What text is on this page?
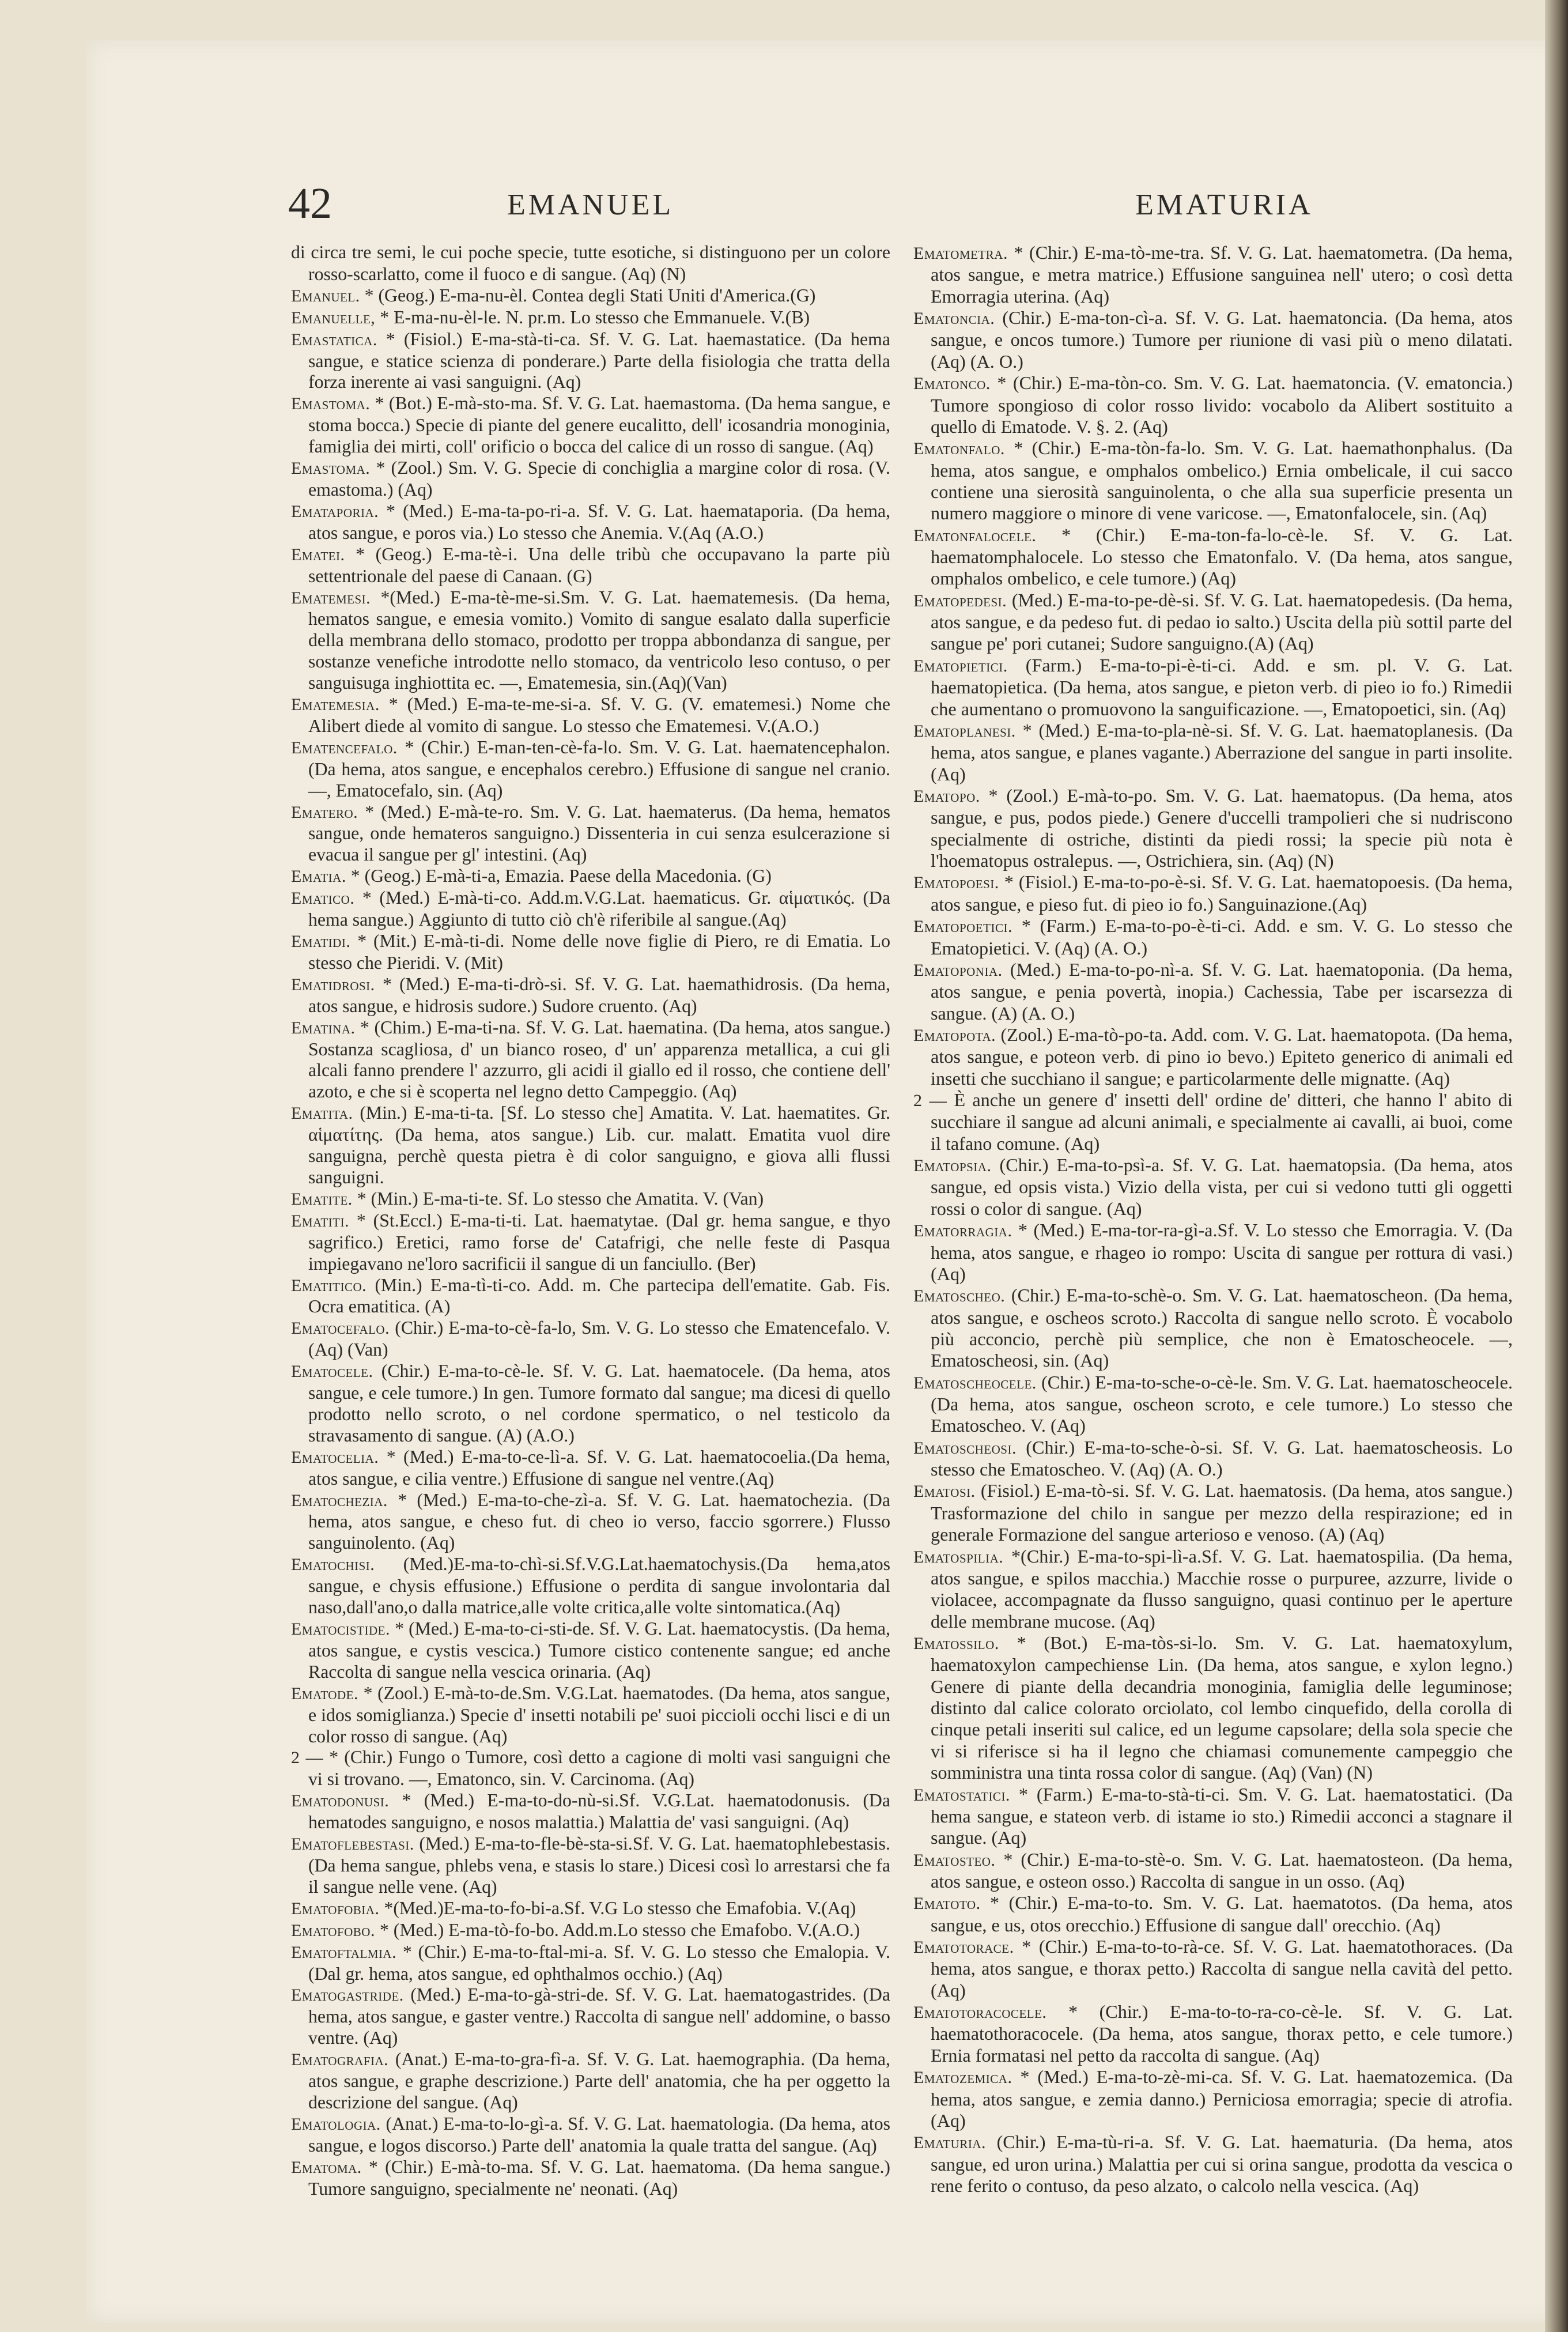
42	EMANUEL	EMATURIA

di circa tre semi, le cui poche specie, tutte esotiche, si distinguono per un colore rosso-scarlatto, come il fuoco e di sangue. (Aq) (N)

Emanuel. * (Geog.) E-ma-nu-èl. Contea degli Stati Uniti d'America.(G)

Emanuelle, * E-ma-nu-èl-le. N. pr.m. Lo stesso che Emmanuele. V.(B)

Emastatica. * (Fisiol.) E-ma-stà-ti-ca. Sf. V. G. Lat. haemastatice. (Da hema sangue, e statice scienza di ponderare.) Parte della fisiologia che tratta della forza inerente ai vasi sanguigni. (Aq)

Emastoma. * (Bot.) E-mà-sto-ma. Sf. V. G. Lat. haemastoma. (Da hema sangue, e stoma bocca.) Specie di piante del genere eucalitto, dell' icosandria monoginia, famiglia dei mirti, coll' orificio o bocca del calice di un rosso di sangue. (Aq)

Emastoma. * (Zool.) Sm. V. G. Specie di conchiglia a margine color di rosa. (V. emastoma.) (Aq)

Emataporia. * (Med.) E-ma-ta-po-ri-a. Sf. V. G. Lat. haemataporia. (Da hema, atos sangue, e poros via.) Lo stesso che Anemia. V.(Aq (A.O.)

Ematei. * (Geog.) E-ma-tè-i. Una delle tribù che occupavano la parte più settentrionale del paese di Canaan. (G)

Ematemesi. *(Med.) E-ma-tè-me-si.Sm. V. G. Lat. haematemesis. (Da hema, hematos sangue, e emesia vomito.) Vomito di sangue esalato dalla superficie della membrana dello stomaco, prodotto per troppa abbondanza di sangue, per sostanze venefiche introdotte nello stomaco, da ventricolo leso contuso, o per sanguisuga inghiottita ec. —, Ematemesia, sin.(Aq)(Van)

Ematemesia. * (Med.) E-ma-te-me-si-a. Sf. V. G. (V. ematemesi.) Nome che Alibert diede al vomito di sangue. Lo stesso che Ematemesi. V.(A.O.)

Ematencefalo. * (Chir.) E-man-ten-cè-fa-lo. Sm. V. G. Lat. haematencephalon. (Da hema, atos sangue, e encephalos cerebro.) Effusione di sangue nel cranio. —, Ematocefalo, sin. (Aq)

Ematero. * (Med.) E-mà-te-ro. Sm. V. G. Lat. haematerus. (Da hema, hematos sangue, onde hemateros sanguigno.) Dissenteria in cui senza esulcerazione si evacua il sangue per gl' intestini. (Aq)

Ematia. * (Geog.) E-mà-ti-a, Emazia. Paese della Macedonia. (G)

Ematico. * (Med.) E-mà-ti-co. Add.m.V.G.Lat. haematicus. Gr. αἱματικός. (Da hema sangue.) Aggiunto di tutto ciò ch'è riferibile al sangue.(Aq)

Ematidi. * (Mit.) E-mà-ti-di. Nome delle nove figlie di Piero, re di Ematia. Lo stesso che Pieridi. V. (Mit)

Ematidrosi. * (Med.) E-ma-ti-drò-si. Sf. V. G. Lat. haemathidrosis. (Da hema, atos sangue, e hidrosis sudore.) Sudore cruento. (Aq)

Ematina. * (Chim.) E-ma-ti-na. Sf. V. G. Lat. haematina. (Da hema, atos sangue.) Sostanza scagliosa, d' un bianco roseo, d' un' apparenza metallica, a cui gli alcali fanno prendere l' azzurro, gli acidi il giallo ed il rosso, che contiene dell' azoto, e che si è scoperta nel legno detto Campeggio. (Aq)

Ematita. (Min.) E-ma-ti-ta. [Sf. Lo stesso che] Amatita. V. Lat. haematites. Gr. αἱματίτης. (Da hema, atos sangue.) Lib. cur. malatt. Ematita vuol dire sanguigna, perchè questa pietra è di color sanguigno, e giova alli flussi sanguigni.

Ematite. * (Min.) E-ma-ti-te. Sf. Lo stesso che Amatita. V. (Van)

Ematiti. * (St.Eccl.) E-ma-ti-ti. Lat. haematytae. (Dal gr. hema sangue, e thyo sagrifico.) Eretici, ramo forse de' Catafrigi, che nelle feste di Pasqua impiegavano ne'loro sacrificii il sangue di un fanciullo. (Ber)

Ematitico. (Min.) E-ma-tì-ti-co. Add. m. Che partecipa dell'ematite. Gab. Fis. Ocra ematitica. (A)

Ematocefalo. (Chir.) E-ma-to-cè-fa-lo, Sm. V. G. Lo stesso che Ematencefalo. V. (Aq) (Van)

Ematocele. (Chir.) E-ma-to-cè-le. Sf. V. G. Lat. haematocele. (Da hema, atos sangue, e cele tumore.) In gen. Tumore formato dal sangue; ma dicesi di quello prodotto nello scroto, o nel cordone spermatico, o nel testicolo da stravasamento di sangue. (A) (A.O.)

Ematocelia. * (Med.) E-ma-to-ce-lì-a. Sf. V. G. Lat. haematocoelia.(Da hema, atos sangue, e cilia ventre.) Effusione di sangue nel ventre.(Aq)

Ematochezia. * (Med.) E-ma-to-che-zì-a. Sf. V. G. Lat. haematochezia. (Da hema, atos sangue, e cheso fut. di cheo io verso, faccio sgorrere.) Flusso sanguinolento. (Aq)

Ematochisi. (Med.)E-ma-to-chì-si.Sf.V.G.Lat.haematochysis.(Da hema,atos sangue, e chysis effusione.) Effusione o perdita di sangue involontaria dal naso,dall'ano,o dalla matrice,alle volte critica,alle volte sintomatica.(Aq)

Ematocistide. * (Med.) E-ma-to-ci-sti-de. Sf. V. G. Lat. haematocystis. (Da hema, atos sangue, e cystis vescica.) Tumore cistico contenente sangue; ed anche Raccolta di sangue nella vescica orinaria. (Aq)

Ematode. * (Zool.) E-mà-to-de.Sm. V.G.Lat. haematodes. (Da hema, atos sangue, e idos somiglianza.) Specie d' insetti notabili pe' suoi piccioli occhi lisci e di un color rosso di sangue. (Aq)

2 — * (Chir.) Fungo o Tumore, così detto a cagione di molti vasi sanguigni che vi si trovano. —, Ematonco, sin. V. Carcinoma. (Aq)

Ematodonusi. * (Med.) E-ma-to-do-nù-si.Sf. V.G.Lat. haematodonusis. (Da hematodes sanguigno, e nosos malattia.) Malattia de' vasi sanguigni. (Aq)

Ematoflebestasi. (Med.) E-ma-to-fle-bè-sta-si.Sf. V. G. Lat. haematophlebestasis. (Da hema sangue, phlebs vena, e stasis lo stare.) Dicesi così lo arrestarsi che fa il sangue nelle vene. (Aq)

Ematofobia. *(Med.)E-ma-to-fo-bi-a.Sf. V.G Lo stesso che Emafobia. V.(Aq)

Ematofobo. * (Med.) E-ma-tò-fo-bo. Add.m.Lo stesso che Emafobo. V.(A.O.)

Ematoftalmia. * (Chir.) E-ma-to-ftal-mi-a. Sf. V. G. Lo stesso che Emalopia. V. (Dal gr. hema, atos sangue, ed ophthalmos occhio.) (Aq)

Ematogastride. (Med.) E-ma-to-gà-stri-de. Sf. V. G. Lat. haematogastrides. (Da hema, atos sangue, e gaster ventre.) Raccolta di sangue nell' addomine, o basso ventre. (Aq)

Ematografia. (Anat.) E-ma-to-gra-fì-a. Sf. V. G. Lat. haemographia. (Da hema, atos sangue, e graphe descrizione.) Parte dell' anatomia, che ha per oggetto la descrizione del sangue. (Aq)

Ematologia. (Anat.) E-ma-to-lo-gì-a. Sf. V. G. Lat. haematologia. (Da hema, atos sangue, e logos discorso.) Parte dell' anatomia la quale tratta del sangue. (Aq)

Ematoma. * (Chir.) E-mà-to-ma. Sf. V. G. Lat. haematoma. (Da hema sangue.) Tumore sanguigno, specialmente ne' neonati. (Aq)

Ematometra. * (Chir.) E-ma-tò-me-tra. Sf. V. G. Lat. haematometra. (Da hema, atos sangue, e metra matrice.) Effusione sanguinea nell' utero; o così detta Emorragia uterina. (Aq)

Ematoncia. (Chir.) E-ma-ton-cì-a. Sf. V. G. Lat. haematoncia. (Da hema, atos sangue, e oncos tumore.) Tumore per riunione di vasi più o meno dilatati. (Aq) (A. O.)

Ematonco. * (Chir.) E-ma-tòn-co. Sm. V. G. Lat. haematoncia. (V. ematoncia.) Tumore spongioso di color rosso livido: vocabolo da Alibert sostituito a quello di Ematode. V. §. 2. (Aq)

Ematonfalo. * (Chir.) E-ma-tòn-fa-lo. Sm. V. G. Lat. haemathonphalus. (Da hema, atos sangue, e omphalos ombelico.) Ernia ombelicale, il cui sacco contiene una sierosità sanguinolenta, o che alla sua superficie presenta un numero maggiore o minore di vene varicose. —, Ematonfalocele, sin. (Aq)

Ematonfalocele. * (Chir.) E-ma-ton-fa-lo-cè-le. Sf. V. G. Lat. haematomphalocele. Lo stesso che Ematonfalo. V. (Da hema, atos sangue, omphalos ombelico, e cele tumore.) (Aq)

Ematopedesi. (Med.) E-ma-to-pe-dè-si. Sf. V. G. Lat. haematopedesis. (Da hema, atos sangue, e da pedeso fut. di pedao io salto.) Uscita della più sottil parte del sangue pe' pori cutanei; Sudore sanguigno.(A) (Aq)

Ematopietici. (Farm.) E-ma-to-pi-è-ti-ci. Add. e sm. pl. V. G. Lat. haematopietica. (Da hema, atos sangue, e pieton verb. di pieo io fo.) Rimedii che aumentano o promuovono la sanguificazione. —, Ematopoetici, sin. (Aq)

Ematoplanesi. * (Med.) E-ma-to-pla-nè-si. Sf. V. G. Lat. haematoplanesis. (Da hema, atos sangue, e planes vagante.) Aberrazione del sangue in parti insolite. (Aq)

Ematopo. * (Zool.) E-mà-to-po. Sm. V. G. Lat. haematopus. (Da hema, atos sangue, e pus, podos piede.) Genere d'uccelli trampolieri che si nudriscono specialmente di ostriche, distinti da piedi rossi; la specie più nota è l'hoematopus ostralepus. —, Ostrichiera, sin. (Aq) (N)

Ematopoesi. * (Fisiol.) E-ma-to-po-è-si. Sf. V. G. Lat. haematopoesis. (Da hema, atos sangue, e pieso fut. di pieo io fo.) Sanguinazione.(Aq)

Ematopoetici. * (Farm.) E-ma-to-po-è-ti-ci. Add. e sm. V. G. Lo stesso che Ematopietici. V. (Aq) (A. O.)

Ematoponia. (Med.) E-ma-to-po-nì-a. Sf. V. G. Lat. haematoponia. (Da hema, atos sangue, e penia povertà, inopia.) Cachessia, Tabe per iscarsezza di sangue. (A) (A. O.)

Ematopota. (Zool.) E-ma-tò-po-ta. Add. com. V. G. Lat. haematopota. (Da hema, atos sangue, e poteon verb. di pino io bevo.) Epiteto generico di animali ed insetti che succhiano il sangue; e particolarmente delle mignatte. (Aq)

2 — È anche un genere d' insetti dell' ordine de' ditteri, che hanno l' abito di succhiare il sangue ad alcuni animali, e specialmente ai cavalli, ai buoi, come il tafano comune. (Aq)

Ematopsia. (Chir.) E-ma-to-psì-a. Sf. V. G. Lat. haematopsia. (Da hema, atos sangue, ed opsis vista.) Vizio della vista, per cui si vedono tutti gli oggetti rossi o color di sangue. (Aq)

Ematorragia. * (Med.) E-ma-tor-ra-gì-a.Sf. V. Lo stesso che Emorragia. V. (Da hema, atos sangue, e rhageo io rompo: Uscita di sangue per rottura di vasi.) (Aq)

Ematoscheo. (Chir.) E-ma-to-schè-o. Sm. V. G. Lat. haematoscheon. (Da hema, atos sangue, e oscheos scroto.) Raccolta di sangue nello scroto. È vocabolo più acconcio, perchè più semplice, che non è Ematoscheocele. —, Ematoscheosi, sin. (Aq)

Ematoscheocele. (Chir.) E-ma-to-sche-o-cè-le. Sm. V. G. Lat. haematoscheocele. (Da hema, atos sangue, oscheon scroto, e cele tumore.) Lo stesso che Ematoscheo. V. (Aq)

Ematoscheosi. (Chir.) E-ma-to-sche-ò-si. Sf. V. G. Lat. haematoscheosis. Lo stesso che Ematoscheo. V. (Aq) (A. O.)

Ematosi. (Fisiol.) E-ma-tò-si. Sf. V. G. Lat. haematosis. (Da hema, atos sangue.) Trasformazione del chilo in sangue per mezzo della respirazione; ed in generale Formazione del sangue arterioso e venoso. (A) (Aq)

Ematospilia. *(Chir.) E-ma-to-spi-lì-a.Sf. V. G. Lat. haematospilia. (Da hema, atos sangue, e spilos macchia.) Macchie rosse o purpuree, azzurre, livide o violacee, accompagnate da flusso sanguigno, quasi continuo per le aperture delle membrane mucose. (Aq)

Ematossilo. * (Bot.) E-ma-tòs-si-lo. Sm. V. G. Lat. haematoxylum, haematoxylon campechiense Lin. (Da hema, atos sangue, e xylon legno.) Genere di piante della decandria monoginia, famiglia delle leguminose; distinto dal calice colorato orciolato, col lembo cinquefido, della corolla di cinque petali inseriti sul calice, ed un legume capsolare; della sola specie che vi si riferisce si ha il legno che chiamasi comunemente campeggio che somministra una tinta rossa color di sangue. (Aq) (Van) (N)

Ematostatici. * (Farm.) E-ma-to-stà-ti-ci. Sm. V. G. Lat. haematostatici. (Da hema sangue, e stateon verb. di istame io sto.) Rimedii acconci a stagnare il sangue. (Aq)

Ematosteo. * (Chir.) E-ma-to-stè-o. Sm. V. G. Lat. haematosteon. (Da hema, atos sangue, e osteon osso.) Raccolta di sangue in un osso. (Aq)

Ematoto. * (Chir.) E-ma-to-to. Sm. V. G. Lat. haematotos. (Da hema, atos sangue, e us, otos orecchio.) Effusione di sangue dall' orecchio. (Aq)

Ematotorace. * (Chir.) E-ma-to-to-rà-ce. Sf. V. G. Lat. haematothoraces. (Da hema, atos sangue, e thorax petto.) Raccolta di sangue nella cavità del petto. (Aq)

Ematotoracocele. * (Chir.) E-ma-to-to-ra-co-cè-le. Sf. V. G. Lat. haematothoracocele. (Da hema, atos sangue, thorax petto, e cele tumore.) Ernia formatasi nel petto da raccolta di sangue. (Aq)

Ematozemica. * (Med.) E-ma-to-zè-mi-ca. Sf. V. G. Lat. haematozemica. (Da hema, atos sangue, e zemia danno.) Perniciosa emorragia; specie di atrofia. (Aq)

Ematuria. (Chir.) E-ma-tù-ri-a. Sf. V. G. Lat. haematuria. (Da hema, atos sangue, ed uron urina.) Malattia per cui si orina sangue, prodotta da vescica o rene ferito o contuso, da peso alzato, o calcolo nella vescica. (Aq)
